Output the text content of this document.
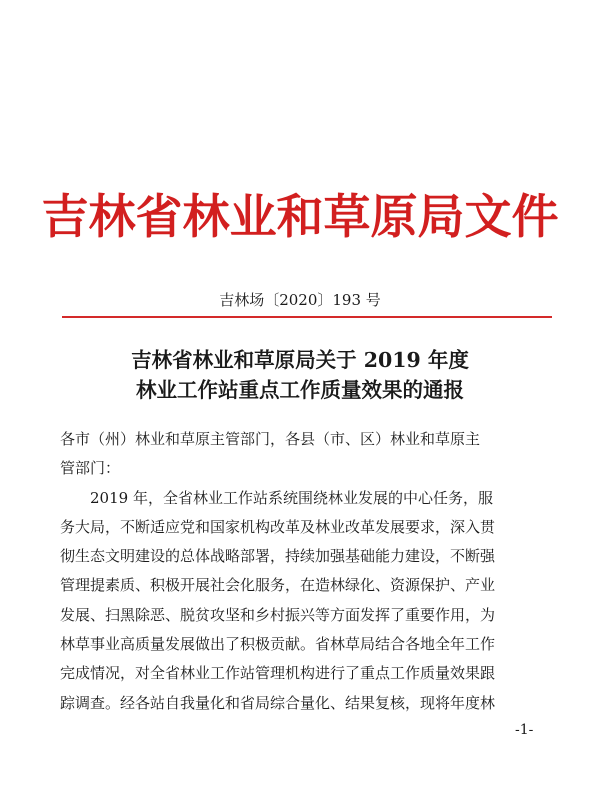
吉林省林业和草原局文件
吉林场〔2020〕193 号
吉林省林业和草原局关于 2019 年度
林业工作站重点工作质量效果的通报
各市（州）林业和草原主管部门，各县（市、区）林业和草原主
管部门：
2019 年，全省林业工作站系统围绕林业发展的中心任务，服
务大局，不断适应党和国家机构改革及林业改革发展要求，深入贯
彻生态文明建设的总体战略部署，持续加强基础能力建设，不断强
管理提素质、积极开展社会化服务，在造林绿化、资源保护、产业
发展、扫黑除恶、脱贫攻坚和乡村振兴等方面发挥了重要作用，为
林草事业高质量发展做出了积极贡献。省林草局结合各地全年工作
完成情况，对全省林业工作站管理机构进行了重点工作质量效果跟
踪调查。经各站自我量化和省局综合量化、结果复核，现将年度林
-1-
